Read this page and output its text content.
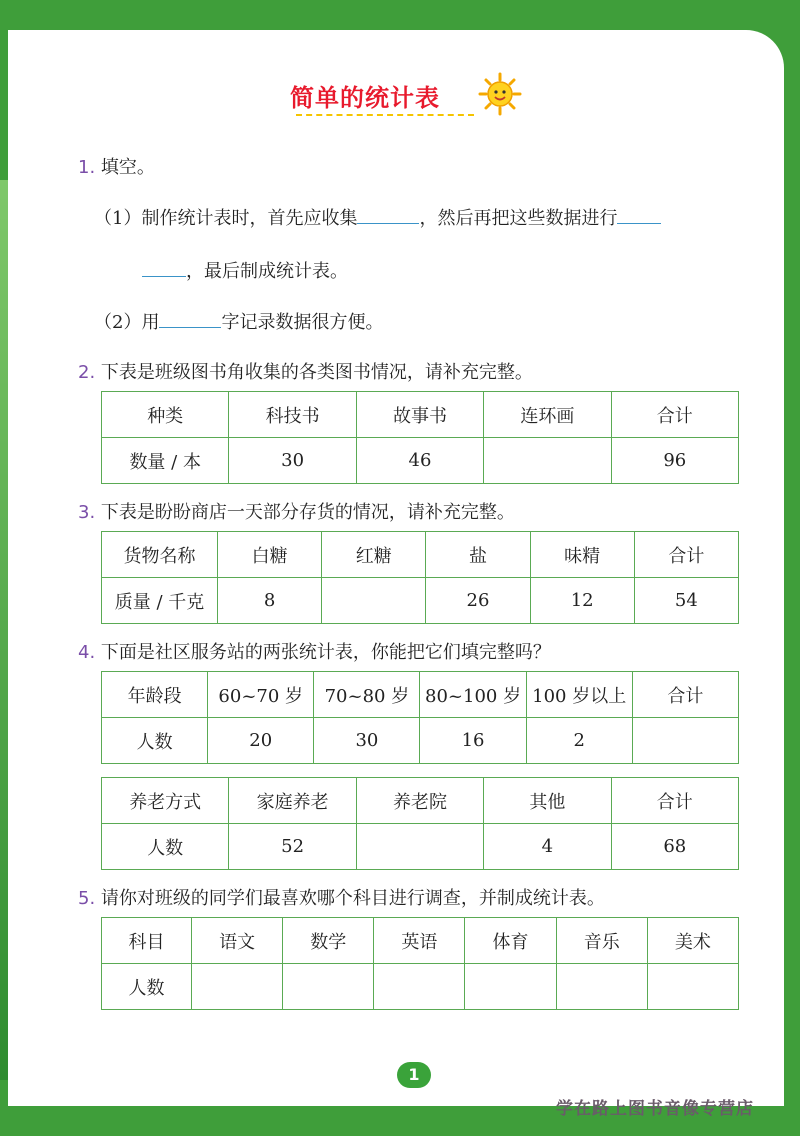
简单的统计表
1. 填空。
（1）制作统计表时，首先应收集	，然后再把这些数据进行
，最后制成统计表。
（2）用	字记录数据很方便。
2. 下表是班级图书角收集的各类图书情况，请补充完整。
种类	科技书	故事书	连环画	合计
数量 / 本	30	46		96
3. 下表是盼盼商店一天部分存货的情况，请补充完整。
货物名称	白糖	红糖	盐	味精	合计
质量 / 千克	8		26	12	54
4. 下面是社区服务站的两张统计表，你能把它们填完整吗？
年龄段	60~70 岁	70~80 岁	80~100 岁	100 岁以上	合计
人数	20	30	16	2	
养老方式	家庭养老	养老院	其他	合计
人数	52		4	68
5. 请你对班级的同学们最喜欢哪个科目进行调查，并制成统计表。
科目	语文	数学	英语	体育	音乐	美术
人数						
1
学在路上图书音像专营店
